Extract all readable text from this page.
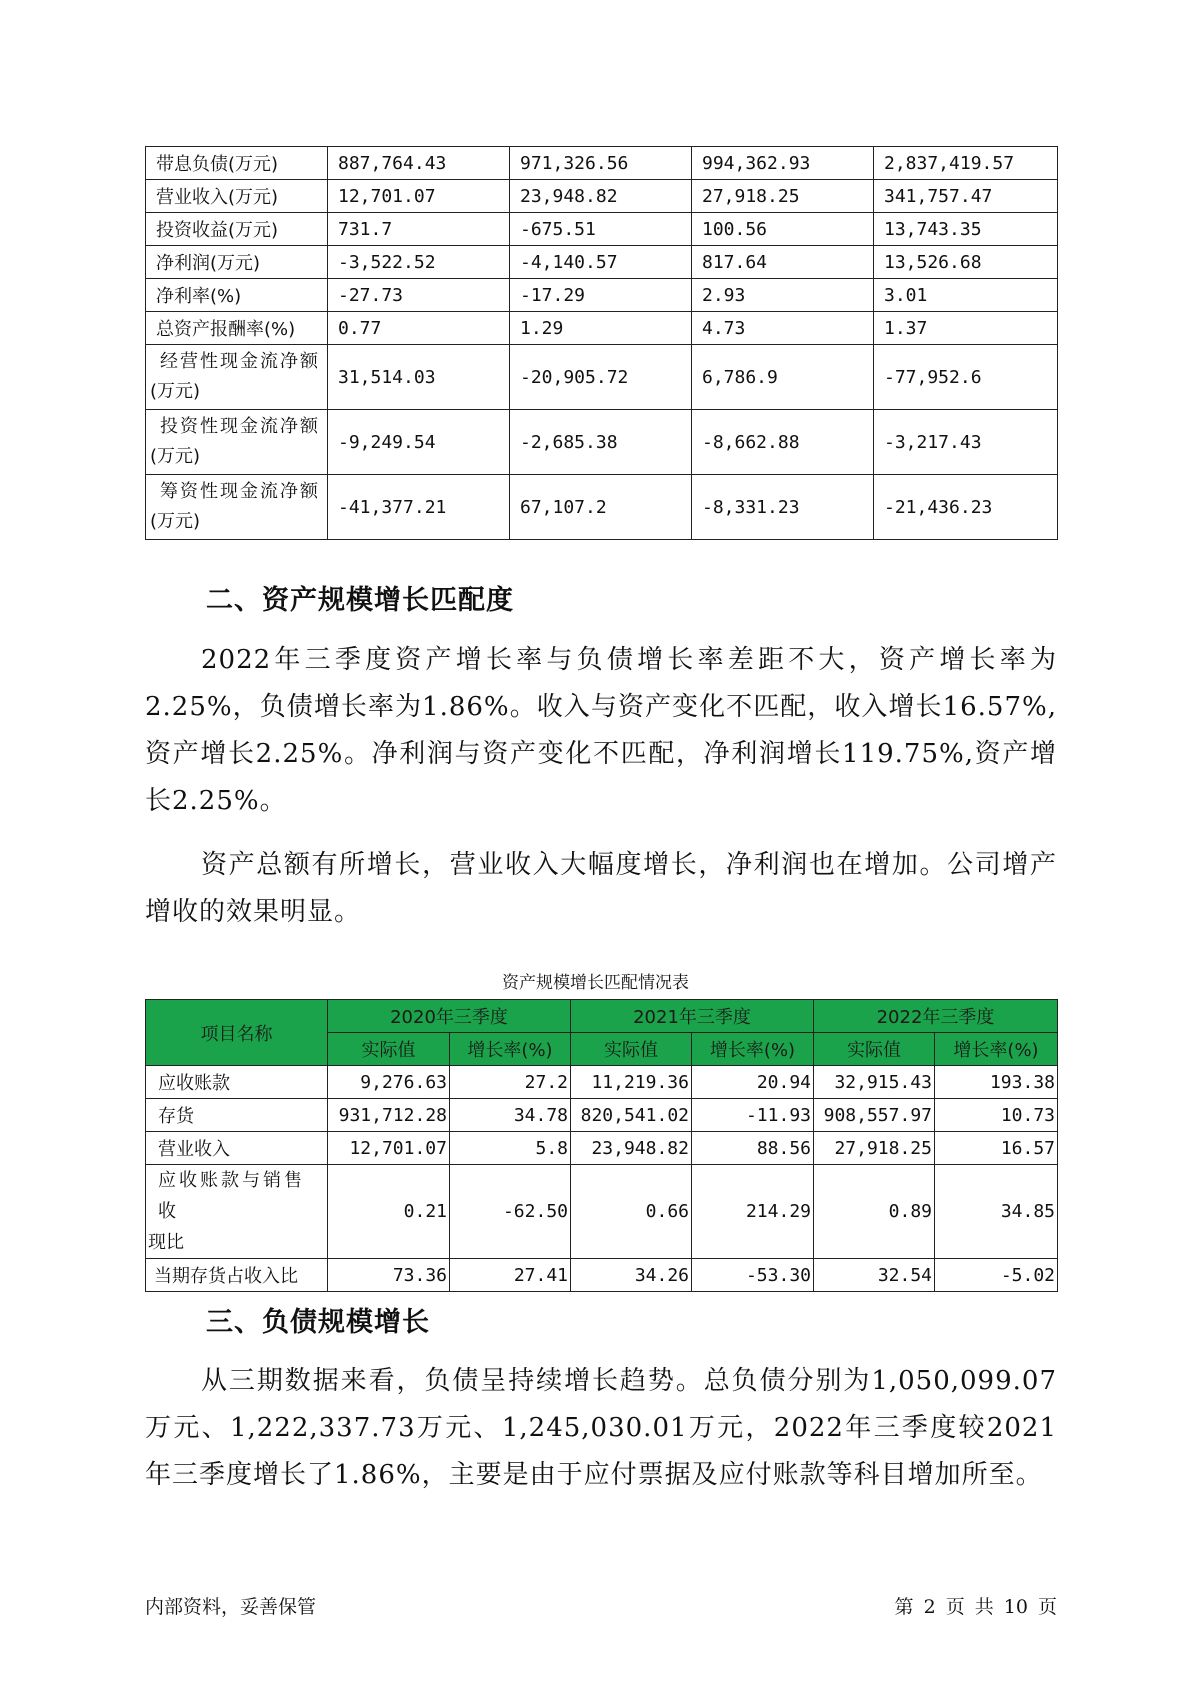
带息负债(万元)	887,764.43	971,326.56	994,362.93	2,837,419.57
营业收入(万元)	12,701.07	23,948.82	27,918.25	341,757.47
投资收益(万元)	731.7	-675.51	100.56	13,743.35
净利润(万元)	-3,522.52	-4,140.57	817.64	13,526.68
净利率(%)	-27.73	-17.29	2.93	3.01
总资产报酬率(%)	0.77	1.29	4.73	1.37

经营性现金流净额
(万元)	31,514.03	-20,905.72	6,786.9	-77,952.6

投资性现金流净额
(万元)	-9,249.54	-2,685.38	-8,662.88	-3,217.43

筹资性现金流净额
(万元)	-41,377.21	67,107.2	-8,331.23	-21,436.23
二、资产规模增长匹配度
2022年三季度资产增长率与负债增长率差距不大，资产增长率为2.25%，负债增长率为1.86%。收入与资产变化不匹配，收入增长16.57%,资产增长2.25%。净利润与资产变化不匹配，净利润增长119.75%,资产增长2.25%。
资产总额有所增长，营业收入大幅度增长，净利润也在增加。公司增产增收的效果明显。
资产规模增长匹配情况表
项目名称	2020年三季度		2021年三季度		2022年三季度	
	实际值	增长率(%)	实际值	增长率(%)	实际值	增长率(%)
应收账款	9,276.63	27.2	11,219.36	20.94	32,915.43	193.38
存货	931,712.28	34.78	820,541.02	-11.93	908,557.97	10.73
营业收入	12,701.07	5.8	23,948.82	88.56	27,918.25	16.57

应收账款与销售收
现比	0.21	-62.50	0.66	214.29	0.89	34.85
当期存货占收入比	73.36	27.41	34.26	-53.30	32.54	-5.02
三、负债规模增长
从三期数据来看，负债呈持续增长趋势。总负债分别为1,050,099.07万元、1,222,337.73万元、1,245,030.01万元，2022年三季度较2021年三季度增长了1.86%，主要是由于应付票据及应付账款等科目增加所至。
内部资料，妥善保管	第 2 页 共 10 页
